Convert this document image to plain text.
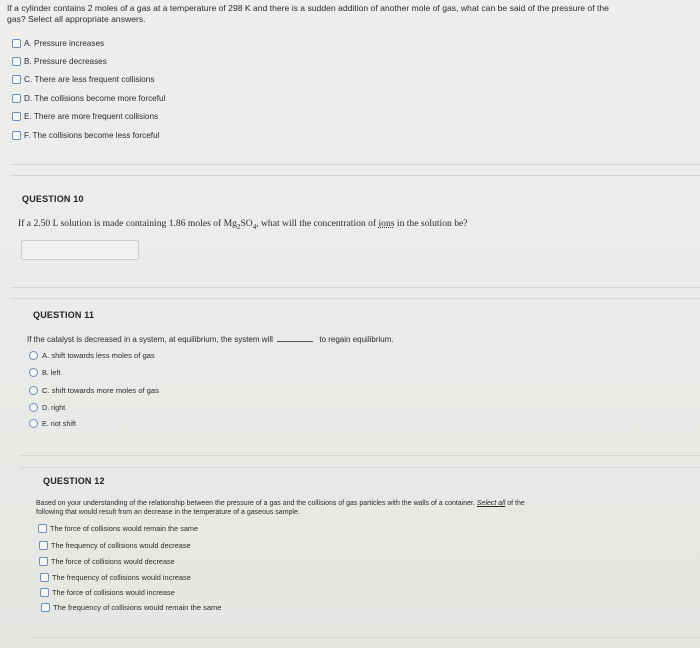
If a cylinder contains 2 moles of a gas at a temperature of 298 K and there is a sudden addition of another mole of gas, what can be said of the pressure of the
gas? Select all appropriate answers.
A. Pressure increases
B. Pressure decreases
C. There are less frequent collisions
D. The collisions become more forceful
E. There are more frequent collisions
F. The collisions become less forceful
QUESTION 10
If a 2.50 L solution is made containing 1.86 moles of $Mg_2SO_4$, what will the concentration of ions in the solution be?
QUESTION 11
If the catalyst is decreased in a system, at equilibrium, the system will	to regain equilibrium.
A. shift towards less moles of gas
B. left
C. shift towards more moles of gas
D. right
E. not shift
QUESTION 12
Based on your understanding of the relationship between the pressure of a gas and the collisions of gas particles with the walls of a container. Select all of the
following that would result from an decrease in the temperature of a gaseous sample.
The force of collisions would remain the same
The frequency of collisions would decrease
The force of collisions would decrease
The frequency of collisions would increase
The force of collisions would increase
The frequency of collisions would remain the same
